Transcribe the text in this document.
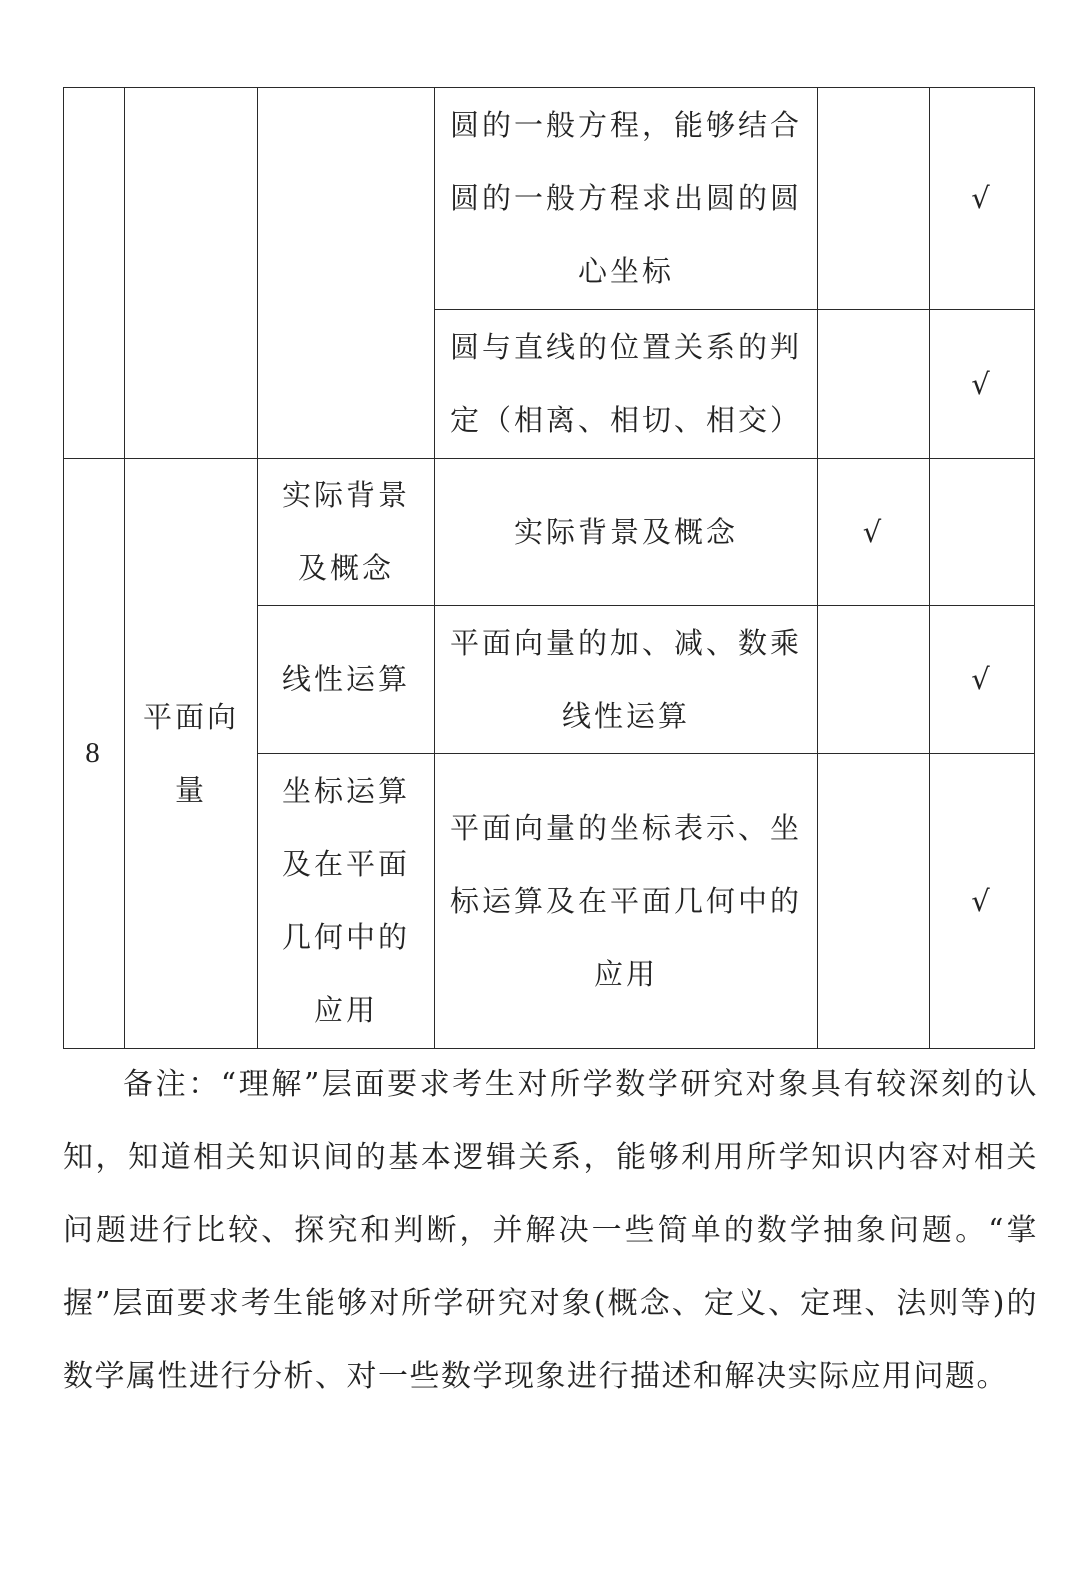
			圆的一般方程，能够结合圆的一般方程求出圆的圆心坐标		√
			圆与直线的位置关系的判定（相离、相切、相交）		√
8	平面向量	实际背景及概念	实际背景及概念	√	
		线性运算	平面向量的加、减、数乘线性运算		√
		坐标运算及在平面几何中的应用	平面向量的坐标表示、坐标运算及在平面几何中的应用		√

备注：“理解”层面要求考生对所学数学研究对象具有较深刻的认知，知道相关知识间的基本逻辑关系，能够利用所学知识内容对相关问题进行比较、探究和判断，并解决一些简单的数学抽象问题。“掌握”层面要求考生能够对所学研究对象(概念、定义、定理、法则等)的数学属性进行分析、对一些数学现象进行描述和解决实际应用问题。
